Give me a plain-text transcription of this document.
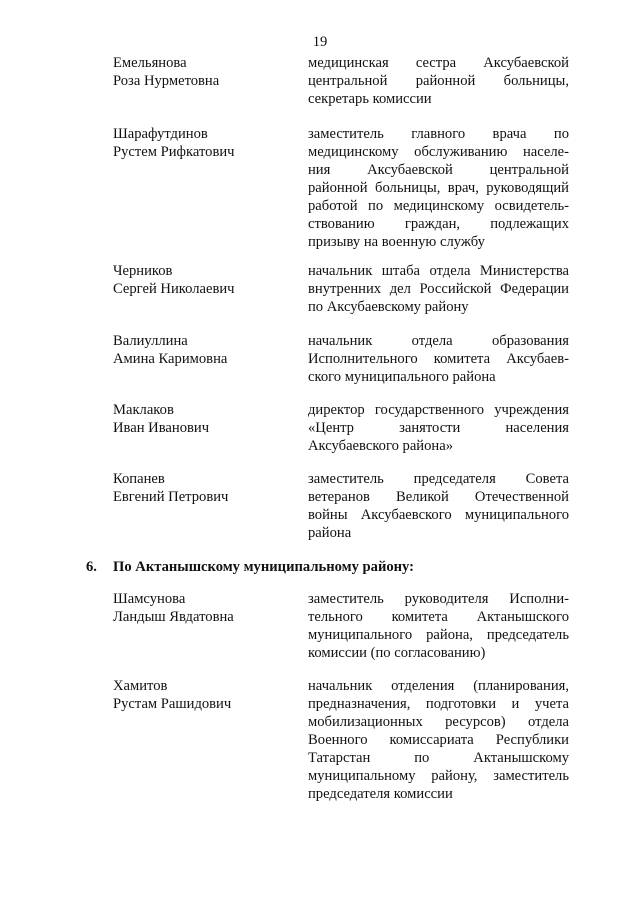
19
Емельянова
Роза Нурметовна
медицинская сестра Аксубаевской
центральной районной больницы,
секретарь комиссии
Шарафутдинов
Рустем Рифкатович
заместитель главного врача по
медицинскому обслуживанию населе-
ния Аксубаевской центральной
районной больницы, врач, руководящий
работой по медицинскому освидетель-
ствованию граждан, подлежащих
призыву на военную службу
Черников
Сергей Николаевич
начальник штаба отдела Министерства
внутренних дел Российской Федерации
по Аксубаевскому району
Валиуллина
Амина Каримовна
начальник отдела образования
Исполнительного комитета Аксубаев-
ского муниципального района
Маклаков
Иван Иванович
директор государственного учреждения
«Центр занятости населения
Аксубаевского района»
Копанев
Евгений Петрович
заместитель председателя Совета
ветеранов Великой Отечественной
войны Аксубаевского муниципального
района
6. По Актанышскому муниципальному району:
Шамсунова
Ландыш Явдатовна
заместитель руководителя Исполни-
тельного комитета Актанышского
муниципального района, председатель
комиссии (по согласованию)
Хамитов
Рустам Рашидович
начальник отделения (планирования,
предназначения, подготовки и учета
мобилизационных ресурсов) отдела
Военного комиссариата Республики
Татарстан по Актанышскому
муниципальному району, заместитель
председателя комиссии
